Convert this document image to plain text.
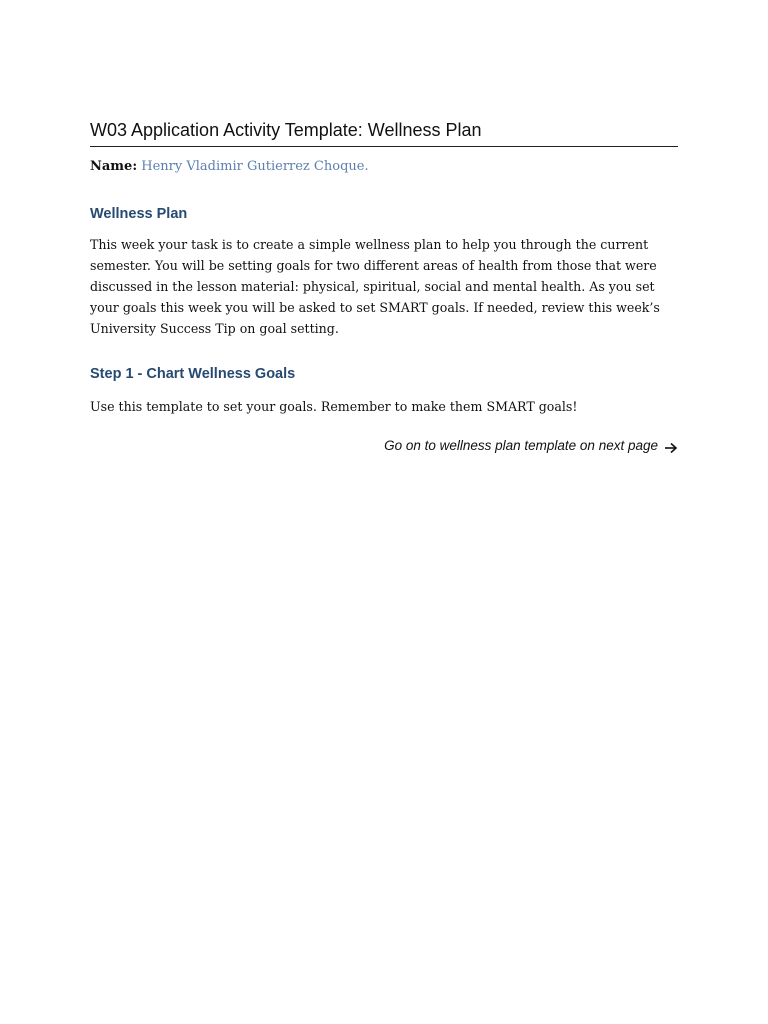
W03 Application Activity Template: Wellness Plan

Name: Henry Vladimir Gutierrez Choque.

Wellness Plan

This week your task is to create a simple wellness plan to help you through the current semester. You will be setting goals for two different areas of health from those that were discussed in the lesson material: physical, spiritual, social and mental health. As you set your goals this week you will be asked to set SMART goals. If needed, review this week’s University Success Tip on goal setting.

Step 1 - Chart Wellness Goals

Use this template to set your goals. Remember to make them SMART goals!

Go on to wellness plan template on next page
